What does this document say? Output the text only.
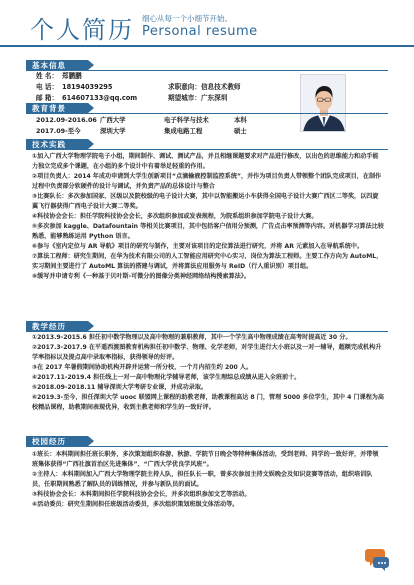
个人简历 细心从每一个小细节开始。
Personal resume
基本信息
姓 名： 郑鹏鹏
电 话： 18194039295
邮 箱： 614607133@qq.com
求职意向：信息技术教师
期望城市：广东深圳
教育背景
2012.09-2016.06 广西大学	电子科学与技术	本科
2017.09-至今	深圳大学	集成电路工程	硕士
技术实践

①加入广西大学物理学院电子小组，期间制作、调试、测试产品，并且相继课题要求对产品进行修改，以出色的思维能力和动手能力独立完成多个课题，在小组的多个设计中有着举足轻重的作用。

②项目负责人：2014 年成功申请到大学生创新项目“点滴输液控制监控系统”，并作为项目负责人带领整个团队完成项目，在制作过程中负责部分软硬件的设计与调试，并负责产品的总体设计与整合

③比赛队长：多次参加国家、区级以及院校级的电子设计大赛，其中以智能搬运小车获得全国电子设计大赛广西区二等奖，以四旋翼飞行器获得广西电子设计大赛二等奖。

④科技协会会长：担任学院科技协会会长，多次组织参加或发表规程，为院系组织参加学院电子设计大赛。

⑤多次参加 kaggle、Datafountain 等相关比赛项目，其中包括客户信用分预测，广告点击率预测等内容。对机器学习算法比较熟悉，能够熟练运用 Python 语言。

⑥参与《室内定位与 AR 导航》项目的研究与制作，主要对该项目的定位算法进行研究，并将 AR 元素加入在导航系统中。

⑦算法工程师：研究生期间，在华为技术有限公司的人工智能应用研究中心实习，岗位为算法工程师。主要工作方向为 AutoML，实习期间主要进行了 AutoML 算法的搭建与调试，并将算法应用服务与 ReID（行人重识别）项目组。

⑧缓写并申请专利《一种基于贝叶斯-可微分的图像分类神经网络结构搜索算法》。

教学经历

①2013.9-2015.6 担任初中数学物理以及高中物理的兼职教师，其中一个学生高中物理成绩在高考时提高近 30 分。

②2017.3-2017.9 在平遥西渡图教育机构担任初中数学、物理、化学老师，对学生进行大小班以及一对一辅导，超额完成机构升学率指标以及提点高中录取率指标，获得领导的好评。

③在 2017 年暑假期间协助机构开辟并运营一所分校，一个月内招生约 200 人。

④2017.11-2019.4 担任线上一对一高中物理化学辅导老师，该学生理综总成绩从进入全班前十。

⑤2018.09-2018.11 辅导深圳大学考研专业课，并成功录取。

⑥2019.3-至今，担任深圳大学 uooc 联盟网上课程的助教老师，助教课程高达 8 门，管理 5000 多位学生，其中 4 门课程为高校精品课程，助教期间表现优异，收到主教老师和学生的一致好评。

校园经历

①班长：本科期间担任班长职务，多次策划组织春游、秋游、学院节日晚会等特种集体活动，受到老师、同学的一致好评，并带领班集体获得“广西社旗首治区先进集体”、“广西大学优良学风班”。

②主持人：本科期间加入广西大学物理学院主持人队，担任队长一职，曾多次参加主持文娱晚会及知识竞赛等活动，组织培训队员，任职期间熟悉了解队员的训练情况，并参与新队员的面试。

③科技协会会长：本科期间担任学院科技协会会长，并多次组织参加文艺等活动。

④活动委员：研究生期间担任班级活动委员，多次组织策划班级文体活动等。
